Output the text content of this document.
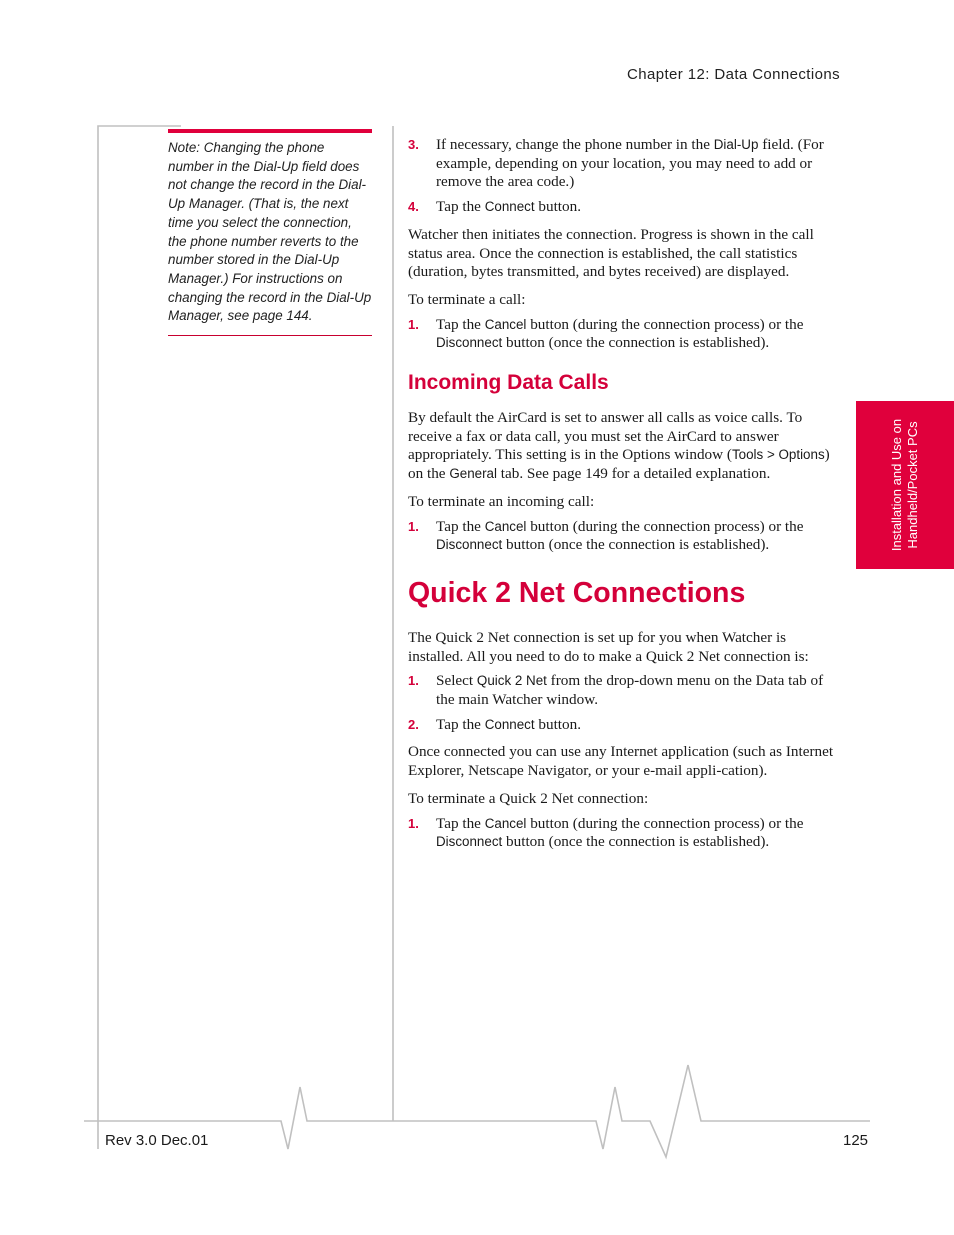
Chapter 12: Data Connections
Note: Changing the phone number in the Dial-Up field does not change the record in the Dial-Up Manager. (That is, the next time you select the connection, the phone number reverts to the number stored in the Dial-Up Manager.) For instructions on changing the record in the Dial-Up Manager, see page 144.
3. If necessary, change the phone number in the Dial-Up field. (For example, depending on your location, you may need to add or remove the area code.)
4. Tap the Connect button.

Watcher then initiates the connection. Progress is shown in the call status area. Once the connection is established, the call statistics (duration, bytes transmitted, and bytes received) are displayed.

To terminate a call:

1. Tap the Cancel button (during the connection process) or the Disconnect button (once the connection is established).
Incoming Data Calls

By default the AirCard is set to answer all calls as voice calls. To receive a fax or data call, you must set the AirCard to answer appropriately. This setting is in the Options window (Tools > Options) on the General tab. See page 149 for a detailed explanation.

To terminate an incoming call:

1. Tap the Cancel button (during the connection process) or the Disconnect button (once the connection is established).
Quick 2 Net Connections

The Quick 2 Net connection is set up for you when Watcher is installed. All you need to do to make a Quick 2 Net connection is:

1. Select Quick 2 Net from the drop-down menu on the Data tab of the main Watcher window.
2. Tap the Connect button.

Once connected you can use any Internet application (such as Internet Explorer, Netscape Navigator, or your e-mail appli-cation).

To terminate a Quick 2 Net connection:

1. Tap the Cancel button (during the connection process) or the Disconnect button (once the connection is established).
Installation and Use on Handheld/Pocket PCs
Rev 3.0 Dec.01	125
